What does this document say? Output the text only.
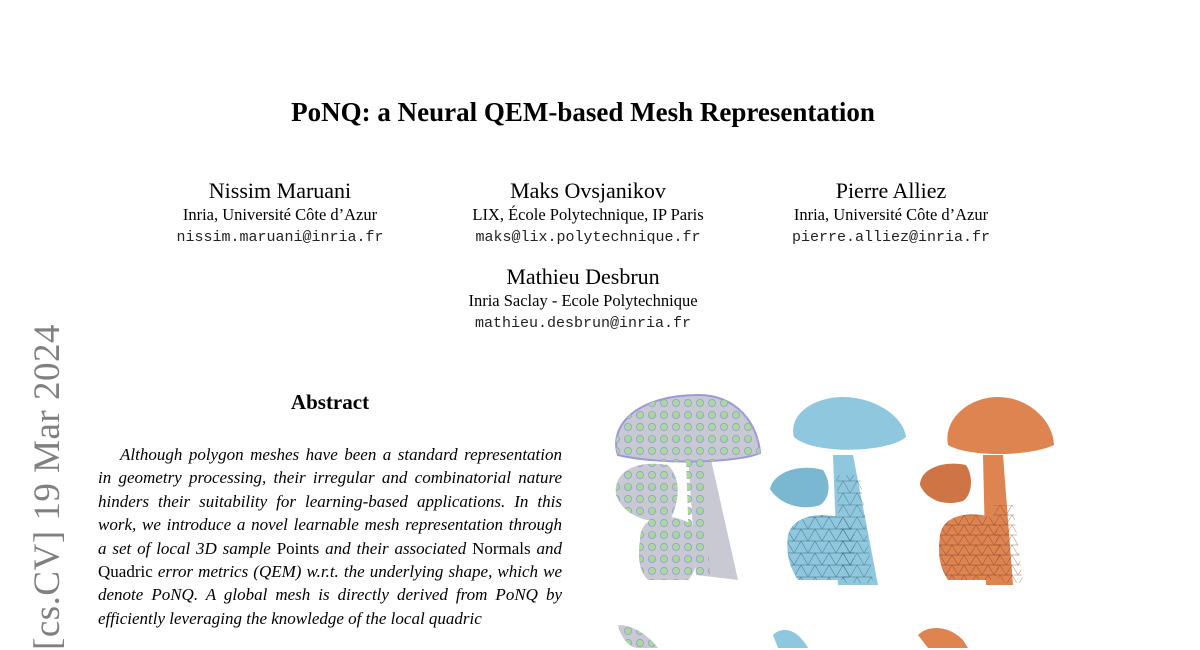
[cs.CV] 19 Mar 2024
PoNQ: a Neural QEM-based Mesh Representation
Nissim Maruani
Inria, Université Côte d’Azur
nissim.maruani@inria.fr
Maks Ovsjanikov
LIX, École Polytechnique, IP Paris
maks@lix.polytechnique.fr
Pierre Alliez
Inria, Université Côte d’Azur
pierre.alliez@inria.fr
Mathieu Desbrun
Inria Saclay - Ecole Polytechnique
mathieu.desbrun@inria.fr
Abstract
Although polygon meshes have been a standard representation in geometry processing, their irregular and combinatorial nature hinders their suitability for learning-based applications. In this work, we introduce a novel learnable mesh representation through a set of local 3D sample Points and their associated Normals and Quadric error metrics (QEM) w.r.t. the underlying shape, which we denote PoNQ. A global mesh is directly derived from PoNQ by efficiently leveraging the knowledge of the local quadric
